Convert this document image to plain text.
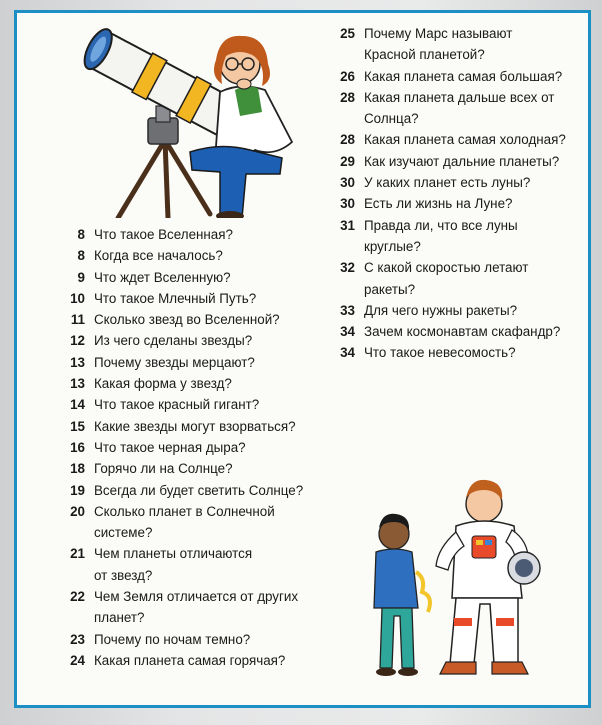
8 Что такое Вселенная?
8 Когда все началось?
9 Что ждет Вселенную?
10 Что такое Млечный Путь?
11 Сколько звезд во Вселенной?
12 Из чего сделаны звезды?
13 Почему звезды мерцают?
13 Какая форма у звезд?
14 Что такое красный гигант?
15 Какие звезды могут взорваться?
16 Что такое черная дыра?
18 Горячо ли на Солнце?
19 Всегда ли будет светить Солнце?
20 Сколько планет в Солнечной
системе?
21 Чем планеты отличаются
от звезд?
22 Чем Земля отличается от других
планет?
23 Почему по ночам темно?
24 Какая планета самая горячая?
25 Почему Марс называют
Красной планетой?
26 Какая планета самая большая?
28 Какая планета дальше всех от
Солнца?
28 Какая планета самая холодная?
29 Как изучают дальние планеты?
30 У каких планет есть луны?
30 Есть ли жизнь на Луне?
31 Правда ли, что все луны
круглые?
32 С какой скоростью летают
ракеты?
33 Для чего нужны ракеты?
34 Зачем космонавтам скафандр?
34 Что такое невесомость?
